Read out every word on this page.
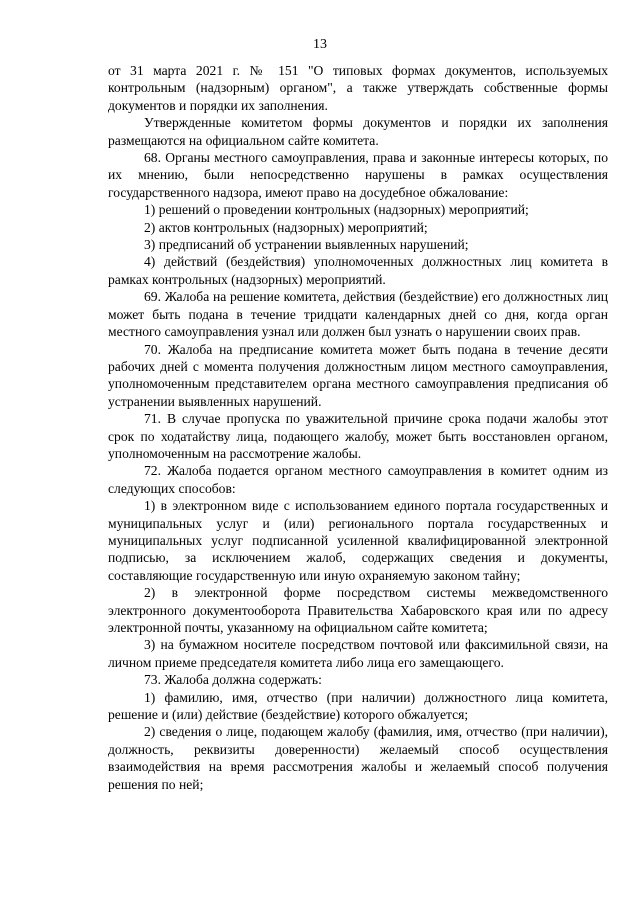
13

от 31 марта 2021 г. № 151 "О типовых формах документов, используемых контрольным (надзорным) органом", а также утверждать собственные формы документов и порядки их заполнения.

Утвержденные комитетом формы документов и порядки их заполнения размещаются на официальном сайте комитета.

68. Органы местного самоуправления, права и законные интересы которых, по их мнению, были непосредственно нарушены в рамках осуществления государственного надзора, имеют право на досудебное обжалование:

1) решений о проведении контрольных (надзорных) мероприятий;

2) актов контрольных (надзорных) мероприятий;

3) предписаний об устранении выявленных нарушений;

4) действий (бездействия) уполномоченных должностных лиц комитета в рамках контрольных (надзорных) мероприятий.

69. Жалоба на решение комитета, действия (бездействие) его должностных лиц может быть подана в течение тридцати календарных дней со дня, когда орган местного самоуправления узнал или должен был узнать о нарушении своих прав.

70. Жалоба на предписание комитета может быть подана в течение десяти рабочих дней с момента получения должностным лицом местного самоуправления, уполномоченным представителем органа местного самоуправления предписания об устранении выявленных нарушений.

71. В случае пропуска по уважительной причине срока подачи жалобы этот срок по ходатайству лица, подающего жалобу, может быть восстановлен органом, уполномоченным на рассмотрение жалобы.

72. Жалоба подается органом местного самоуправления в комитет одним из следующих способов:

1) в электронном виде с использованием единого портала государственных и муниципальных услуг и (или) регионального портала государственных и муниципальных услуг подписанной усиленной квалифицированной электронной подписью, за исключением жалоб, содержащих сведения и документы, составляющие государственную или иную охраняемую законом тайну;

2) в электронной форме посредством системы межведомственного электронного документооборота Правительства Хабаровского края или по адресу электронной почты, указанному на официальном сайте комитета;

3) на бумажном носителе посредством почтовой или факсимильной связи, на личном приеме председателя комитета либо лица его замещающего.

73. Жалоба должна содержать:

1) фамилию, имя, отчество (при наличии) должностного лица комитета, решение и (или) действие (бездействие) которого обжалуется;

2) сведения о лице, подающем жалобу (фамилия, имя, отчество (при наличии), должность, реквизиты доверенности) желаемый способ осуществления взаимодействия на время рассмотрения жалобы и желаемый способ получения решения по ней;
